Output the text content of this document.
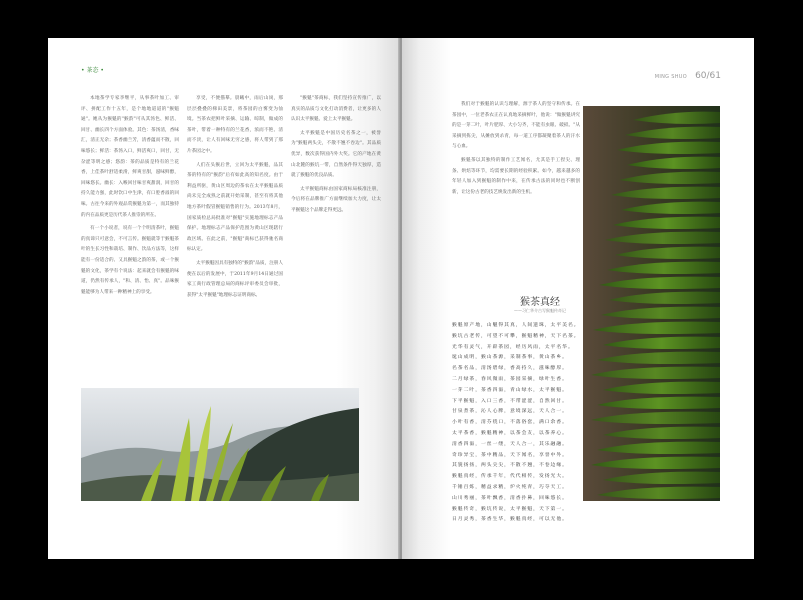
• 茶态 •

本地茶学专家李继平，从事茶叶加工、审评、拼配工作十五年，是个地地道道的"猴魁通"。她从为猴魁的"猴韵"可从其汤色、鲜活、回甘、幽长四个方面体验。其色：茶汤清，香味汇，清正无杂；茶香幽兰芳，清香蕴而不散，回味悠长；鲜活：茶汤入口，鲜活爽口，回甘，无杂涩等明之感；悠韵：茶的品质是特有的兰花香，上佳茶叶舒适柔滑，鲜爽甘甜，滋味鲜醇，回味悠长。幽长：入喉回甘味甘爽甜润，回甘的持久能力强，此时饮口中生津，有口腔香溢的回味。古往今来的外观品赏猴魁为第一，而其独特的内在品质更是历代茶人推崇的所在。

有一个小说者，说有一个个明清茶叶，猴魁的真谛只可意会，不可言传。猴魁就等于猴魁茶叶的生长习性和栽培、制作、饮品方法等，这样能有一份适合的、又具猴魁之韵的茶，或一个猴魁的文化，茶学有个说法：起来就会有猴魁的味道，仍然有传承人，"和、清、怡、真"。品味猴魁能够为人带来一种精神上的享受。

享受，不便描摹。晨曦中，雨后山岗，那层层叠叠的梯田美景，将茶园的白雾变为仙境。当茶农把鲜叶采摘、运输、晾制，做成的茶叶，带着一种特有的兰花香，浓而不艳、清而不淡，让人有回味无穷之感，将人带到了那片茶园之中。

人们在头猴后世，立回为太平猴魁，品其茶的特有的"猴韵"后有如此高的知名度。由于利益所驱，黄山区周边的茶农在太平猴魁品质尚未完全成熟之前就开始采制，甚至有将其他地方茶叶假冒猴魁销售的行为。2013年8月，国家质检总局批准对"猴魁"实施地理标志产品保护。地理标志产品保护范围为黄山区现辖行政区域。在此之前，"猴魁"商标已获得驰名商标认定。

太平猴魁因具有独特的"猴韵"品质，注册人便在以后的发展中，于2011年9月14日通过国家工商行政管理总局的商标评审委员会审批，获得"太平猴魁"地理标志证明商标。

"猴魁"茶商标，我们坚持宣传推广，以真实的品质与文化打动消费者，让更多的人认识太平猴魁、爱上太平猴魁。

太平猴魁是中国历史名茶之一，被誉为"猴魁两头尖，不散不翘不卷边"。其品质优异，数次获得国内外大奖。它的产地在黄山北麓的猴坑一带，自然条件得天独厚，造就了猴魁的优良品质。

太平猴魁商标由国家商标局核准注册，今后将在品牌推广方面继续加大力度，让太平猴魁这个品牌走得更远。

MING SHUO 60/61

我们对于猴魁的认识与理解，源于茶人的坚守和传承。在茶园中，一位老茶农正在认真地采摘鲜叶，他说："做猴魁讲究的是一芽二叶，叶片肥厚、大小匀齐，不能有虫眼、破损。"从采摘到拣尖，从摊放到杀青，每一道工序都凝聚着茶人的汗水与心血。

猴魁茶以其独特的制作工艺闻名，尤其是手工捏尖、理条、烘焙等环节，均需要长期的经验积累。如今，越来越多的年轻人加入到猴魁的制作中来，在传承古法的同时也不断创新，让这份古老的技艺焕发出新的生机。

猴茶真经
——习仁华介古写猴魁传奇记
猴魁原产地，山魈得其真，人间遗珠，太平美名。
猴坑古老传，可望不可攀，猴魁精神，天下名茶。
光华有灵气，开辟茶园，经历风雨，太平名华。
诞山成明，猴山茶源，采制茶事，黄山茶乡。
名茶名品，清汤碧绿，香高持久，滋味醇厚。
二月绿茶，春风微雨，茶园采摘，绿叶生香。
一芽二叶，茶香四溢，青山绿水，太平猴魁。
下平猴魁，入口三香，不带涩涩，自然回甘。
甘泉煮茶，沁人心脾，意境深远，天人合一。
小叶有香，清芬绕口，不落俗套，满口余香。
太平茶香，猴魁精神，以茶会友，以茶养心。
清香四溢，一丝一缕，天人合一，其乐融融。
奇珍异宝，茶中精品，天下闻名，享誉中外。
其貌扬扬，两头尖尖，不散不翘，不卷边缘。
猴魁真经，传承千年，代代相传，发扬光大。
千锤百炼，精益求精，炉火纯青，巧夺天工。
山川秀丽，茶叶飘香，清香扑鼻，回味悠长。
猴魁传奇，猴坑传说，太平猴魁，天下第一。
日月灵秀，茶香生华，猴魁真经，可以无他。
